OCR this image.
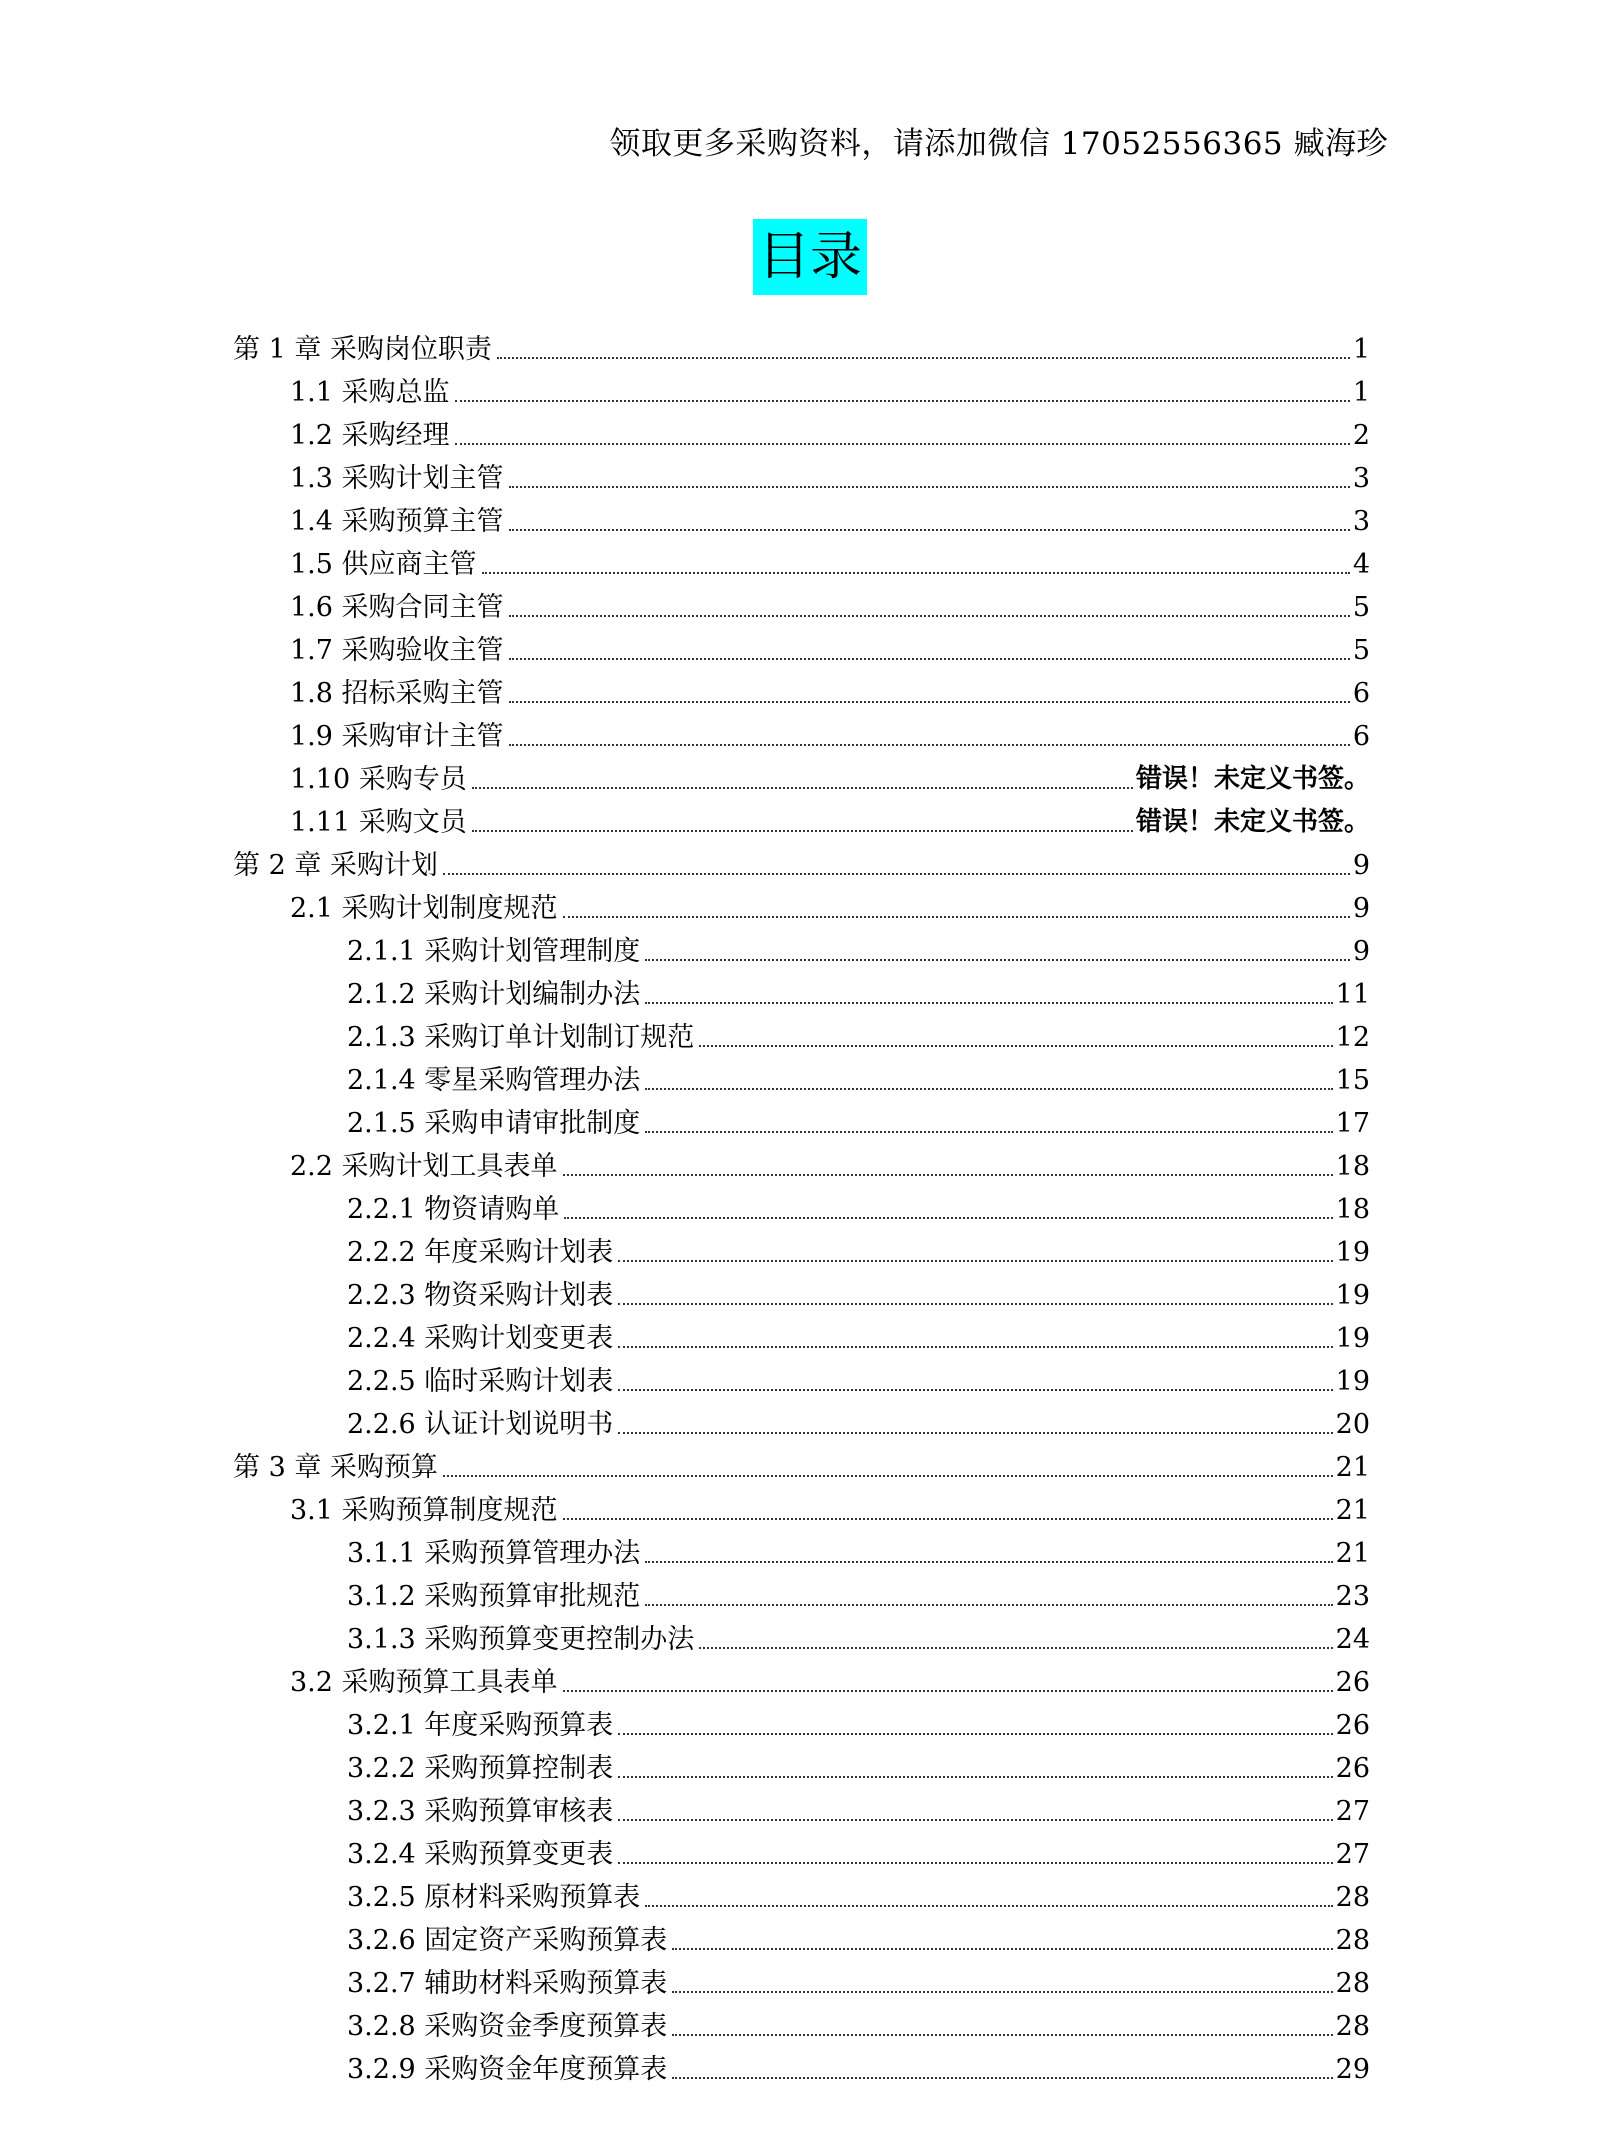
领取更多采购资料，请添加微信 17052556365 臧海珍
目录
第 1 章 采购岗位职责	1
1.1 采购总监	1
1.2 采购经理	2
1.3 采购计划主管	3
1.4 采购预算主管	3
1.5 供应商主管	4
1.6 采购合同主管	5
1.7 采购验收主管	5
1.8 招标采购主管	6
1.9 采购审计主管	6
1.10 采购专员	错误！未定义书签。
1.11 采购文员	错误！未定义书签。
第 2 章 采购计划	9
2.1 采购计划制度规范	9
2.1.1 采购计划管理制度	9
2.1.2 采购计划编制办法	11
2.1.3 采购订单计划制订规范	12
2.1.4 零星采购管理办法	15
2.1.5 采购申请审批制度	17
2.2 采购计划工具表单	18
2.2.1 物资请购单	18
2.2.2 年度采购计划表	19
2.2.3 物资采购计划表	19
2.2.4 采购计划变更表	19
2.2.5 临时采购计划表	19
2.2.6 认证计划说明书	20
第 3 章 采购预算	21
3.1 采购预算制度规范	21
3.1.1 采购预算管理办法	21
3.1.2 采购预算审批规范	23
3.1.3 采购预算变更控制办法	24
3.2 采购预算工具表单	26
3.2.1 年度采购预算表	26
3.2.2 采购预算控制表	26
3.2.3 采购预算审核表	27
3.2.4 采购预算变更表	27
3.2.5 原材料采购预算表	28
3.2.6 固定资产采购预算表	28
3.2.7 辅助材料采购预算表	28
3.2.8 采购资金季度预算表	28
3.2.9 采购资金年度预算表	29
